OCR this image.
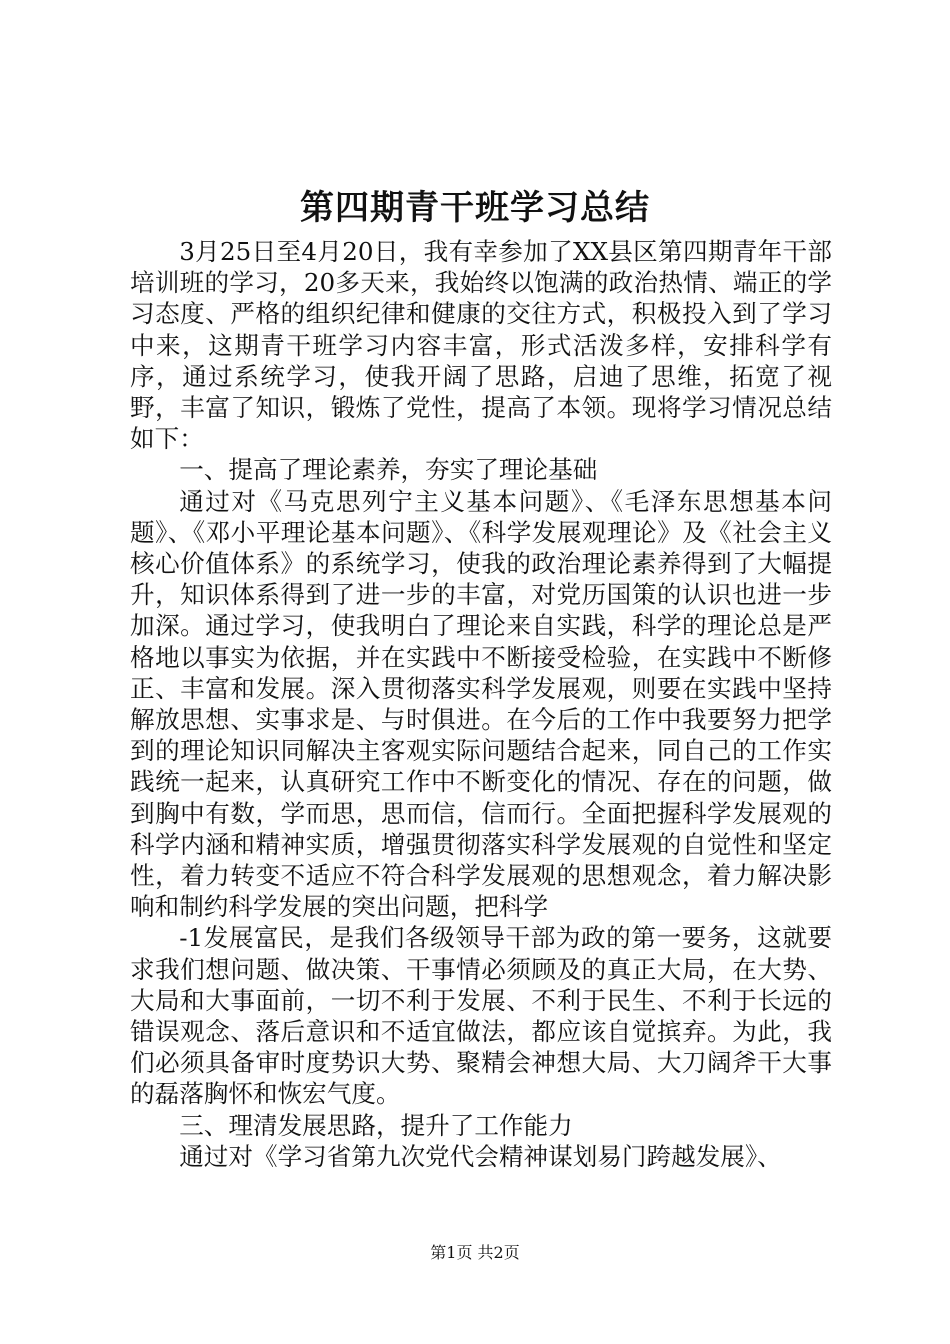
第四期青干班学习总结

3月25日至4月20日，我有幸参加了XX县区第四期青年干部培训班的学习，20多天来，我始终以饱满的政治热情、端正的学习态度、严格的组织纪律和健康的交往方式，积极投入到了学习中来，这期青干班学习内容丰富，形式活泼多样，安排科学有序，通过系统学习，使我开阔了思路，启迪了思维，拓宽了视野，丰富了知识，锻炼了党性，提高了本领。现将学习情况总结如下：

一、提高了理论素养，夯实了理论基础

通过对《马克思列宁主义基本问题》、《毛泽东思想基本问题》、《邓小平理论基本问题》、《科学发展观理论》及《社会主义核心价值体系》的系统学习，使我的政治理论素养得到了大幅提升，知识体系得到了进一步的丰富，对党历国策的认识也进一步加深。通过学习，使我明白了理论来自实践，科学的理论总是严格地以事实为依据，并在实践中不断接受检验，在实践中不断修正、丰富和发展。深入贯彻落实科学发展观，则要在实践中坚持解放思想、实事求是、与时俱进。在今后的工作中我要努力把学到的理论知识同解决主客观实际问题结合起来，同自己的工作实践统一起来，认真研究工作中不断变化的情况、存在的问题，做到胸中有数，学而思，思而信，信而行。全面把握科学发展观的科学内涵和精神实质，增强贯彻落实科学发展观的自觉性和坚定性，着力转变不适应不符合科学发展观的思想观念，着力解决影响和制约科学发展的突出问题，把科学

-1发展富民，是我们各级领导干部为政的第一要务，这就要求我们想问题、做决策、干事情必须顾及的真正大局，在大势、大局和大事面前，一切不利于发展、不利于民生、不利于长远的错误观念、落后意识和不适宜做法，都应该自觉摈弃。为此，我们必须具备审时度势识大势、聚精会神想大局、大刀阔斧干大事的磊落胸怀和恢宏气度。

三、理清发展思路，提升了工作能力

通过对《学习省第九次党代会精神谋划易门跨越发展》、

第1页 共2页
